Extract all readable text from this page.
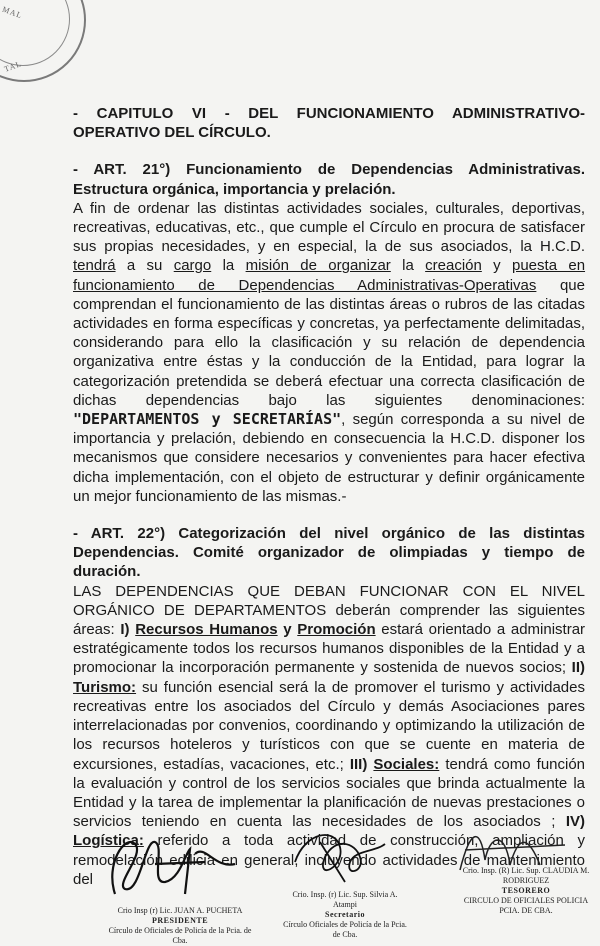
MAL
TAL

- CAPITULO VI - DEL FUNCIONAMIENTO ADMINISTRATIVO-OPERATIVO DEL CÍRCULO.

- ART. 21°) Funcionamiento de Dependencias Administrativas. Estructura orgánica, importancia y prelación.

A fin de ordenar las distintas actividades sociales, culturales, deportivas, recreativas, educativas, etc., que cumple el Círculo en procura de satisfacer sus propias necesidades, y en especial, la de sus asociados, la H.C.D. tendrá a su cargo la misión de organizar la creación y puesta en funcionamiento de Dependencias Administrativas-Operativas que comprendan el funcionamiento de las distintas áreas o rubros de las citadas actividades en forma específicas y concretas, ya perfectamente delimitadas, considerando para ello la clasificación y su relación de dependencia organizativa entre éstas y la conducción de la Entidad, para lograr la categorización pretendida se deberá efectuar una correcta clasificación de dichas dependencias bajo las siguientes denominaciones: "DEPARTAMENTOS y SECRETARÍAS", según corresponda a su nivel de importancia y prelación, debiendo en consecuencia la H.C.D. disponer los mecanismos que considere necesarios y convenientes para hacer efectiva dicha implementación, con el objeto de estructurar y definir orgánicamente un mejor funcionamiento de las mismas.-

- ART. 22°) Categorización del nivel orgánico de las distintas Dependencias. Comité organizador de olimpiadas y tiempo de duración.

LAS DEPENDENCIAS QUE DEBAN FUNCIONAR CON EL NIVEL ORGÁNICO DE DEPARTAMENTOS deberán comprender las siguientes áreas: I) Recursos Humanos y Promoción estará orientado a administrar estratégicamente todos los recursos humanos disponibles de la Entidad y a promocionar la incorporación permanente y sostenida de nuevos socios; II) Turismo: su función esencial será la de promover el turismo y actividades recreativas entre los asociados del Círculo y demás Asociaciones pares interrelacionadas por convenios, coordinando y optimizando la utilización de los recursos hoteleros y turísticos con que se cuente en materia de excursiones, estadías, vacaciones, etc.; III) Sociales: tendrá como función la evaluación y control de los servicios sociales que brinda actualmente la Entidad y la tarea de implementar la planificación de nuevas prestaciones o servicios teniendo en cuenta las necesidades de los asociados ; IV) Logística: referido a toda actividad de construcción, ampliación y remodelación edilicia en general, incluyendo actividades de mantenimiento del

Crio Insp (r) Lic. JUAN A. PUCHETA
PRESIDENTE
Círculo de Oficiales de Policía de la Pcia. de Cba.
Crio. Insp. (r) Lic. Sup. Silvia A. Atampi
Secretario
Círculo Oficiales de Policía de la Pcia. de Cba.
Crio. Insp. (R) Lic. Sup. CLAUDIA M. RODRIGUEZ
TESORERO
CIRCULO DE OFICIALES POLICIA PCIA. DE CBA.
